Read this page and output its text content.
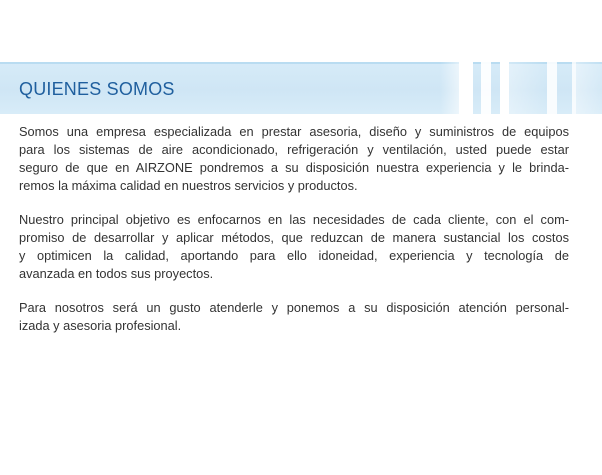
QUIENES SOMOS

Somos una empresa especializada en prestar asesoria, diseño y suministros de equipos
para los sistemas de aire acondicionado, refrigeración y ventilación, usted puede estar
seguro de que en AIRZONE pondremos a su disposición nuestra experiencia y le brinda-
remos la máxima calidad en nuestros servicios y productos.

Nuestro principal objetivo es enfocarnos en las necesidades de cada cliente, con el com-
promiso de desarrollar y aplicar métodos, que reduzcan de manera sustancial los costos
y optimicen la calidad, aportando para ello idoneidad, experiencia y tecnología de
avanzada en todos sus proyectos.

Para nosotros será un gusto atenderle y ponemos a su disposición atención personal-
izada y asesoria profesional.
